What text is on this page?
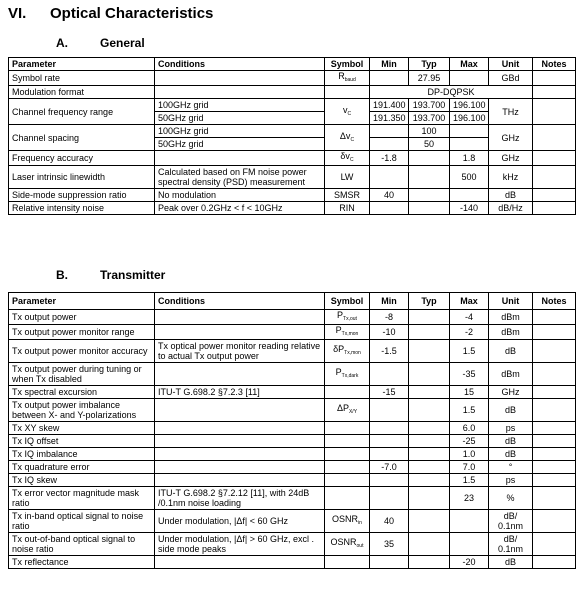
VI. Optical Characteristics
A.	General
Parameter	Conditions	Symbol	Min	Typ	Max	Unit	Notes
Symbol rate		$R_{baud}$		27.95		GBd	
Modulation format			DP-DQPSK				
Channel frequency range	100GHz grid	$v_C$	191.400	193.700	196.100	THz	
	50GHz grid		191.350	193.700	196.100		
Channel spacing	100GHz grid	$\Delta v_C$		100		GHz	
	50GHz grid			50			
Frequency accuracy		$\delta v_C$	-1.8		1.8	GHz	
Laser intrinsic linewidth	Calculated based on FM noise power spectral density (PSD) measurement	LW			500	kHz	
Side-mode suppression ratio	No modulation	SMSR	40			dB	
Relative intensity noise	Peak over 0.2GHz < f < 10GHz	RIN			-140	dB/Hz	
B.	Transmitter
Parameter	Conditions	Symbol	Min	Typ	Max	Unit	Notes
Tx output power		$P_{Tx,out}$	-8		-4	dBm	
Tx output power monitor range		$P_{Tx,mon}$	-10		-2	dBm	
Tx output power monitor accuracy	Tx optical power monitor reading relative to actual Tx output power	$\delta P_{Tx,mon}$	-1.5		1.5	dB	
Tx output power during tuning or when Tx disabled		$P_{Tx,dark}$			-35	dBm	
Tx spectral excursion	ITU-T G.698.2 §7.2.3 [11]		-15		15	GHz	
Tx output power imbalance between X- and Y-polarizations		$\Delta P_{X/Y}$			1.5	dB	
Tx XY skew					6.0	ps	
Tx IQ offset					-25	dB	
Tx IQ imbalance					1.0	dB	
Tx quadrature error			-7.0		7.0	°	
Tx IQ skew					1.5	ps	
Tx error vector magnitude mask ratio	ITU-T G.698.2 §7.2.12 [11], with 24dB /0.1nm noise loading				23	%	
Tx in-band optical signal to noise ratio	Under modulation, |Δf| < 60 GHz	$OSNR_{in}$	40			dB/ 0.1nm	
Tx out-of-band optical signal to noise ratio	Under modulation, |Δf| > 60 GHz, excl . side mode peaks	$OSNR_{out}$	35			dB/ 0.1nm	
Tx reflectance					-20	dB	
